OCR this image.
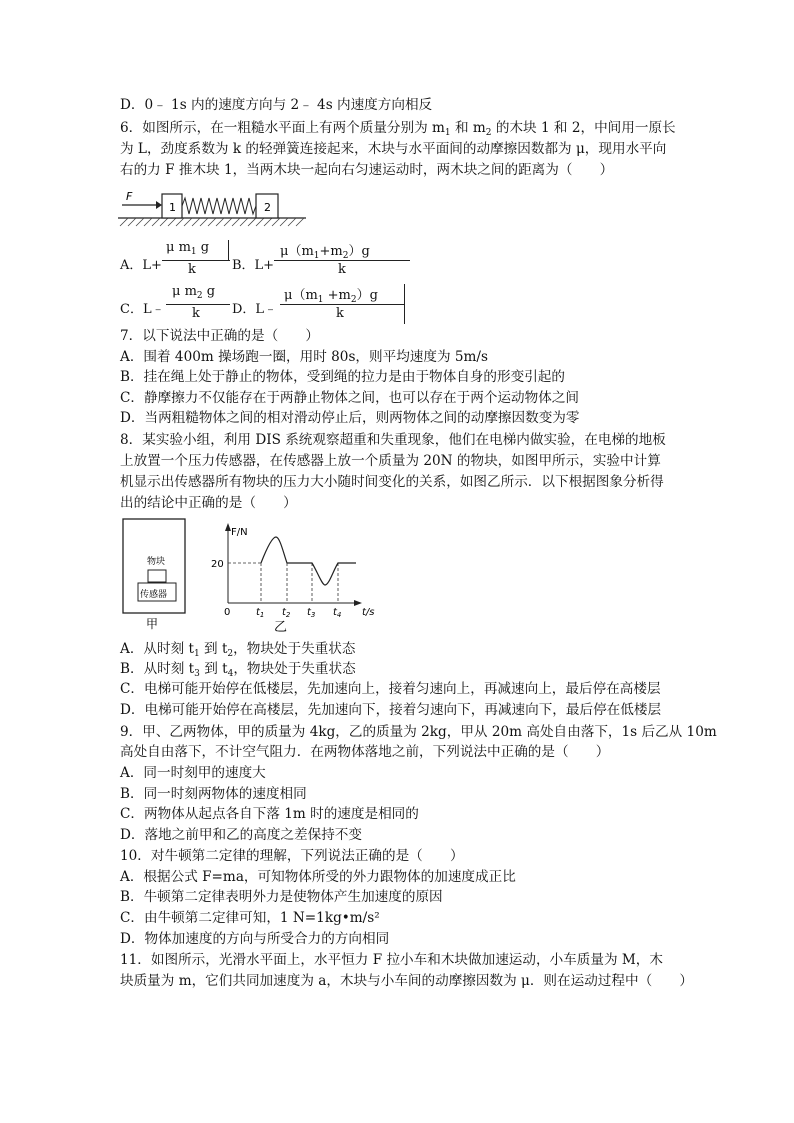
D．0﹣ 1s 内的速度方向与 2﹣ 4s 内速度方向相反
6．如图所示，在一粗糙水平面上有两个质量分别为 $m_1$ 和 $m_2$ 的木块 1 和 2，中间用一原长
为 L，劲度系数为 k 的轻弹簧连接起来，木块与水平面间的动摩擦因数都为 μ，现用水平向
右的力 F 推木块 1，当两木块一起向右匀速运动时，两木块之间的距离为（　　）
F
1	2
A．L+
μ $m_1$ g
k	B．L+
$\mu(m_1+m_2)g$
k
C．L﹣
μ $m_2$ g
k D．L﹣
$\mu(m_1 +m_2)g$
k
7．以下说法中正确的是（　　）
A．围着 400m 操场跑一圈，用时 80s，则平均速度为 5m/s
B．挂在绳上处于静止的物体，受到绳的拉力是由于物体自身的形变引起的
C．静摩擦力不仅能存在于两静止物体之间，也可以存在于两个运动物体之间
D．当两粗糙物体之间的相对滑动停止后，则两物体之间的动摩擦因数变为零
8．某实验小组，利用 DIS 系统观察超重和失重现象，他们在电梯内做实验，在电梯的地板
上放置一个压力传感器，在传感器上放一个质量为 20N 的物块，如图甲所示，实验中计算
机显示出传感器所有物块的压力大小随时间变化的关系，如图乙所示．以下根据图象分析得
出的结论中正确的是（　　）
物块
传感器
甲
F/N
20
0	t/s
$t_1$ $t_2$ $t_3$ $t_4$
乙
A．从时刻 $t_1$ 到 $t_2$，物块处于失重状态
B．从时刻 $t_3$ 到 $t_4$，物块处于失重状态
C．电梯可能开始停在低楼层，先加速向上，接着匀速向上，再减速向上，最后停在高楼层
D．电梯可能开始停在高楼层，先加速向下，接着匀速向下，再减速向下，最后停在低楼层
9．甲、乙两物体，甲的质量为 4kg，乙的质量为 2kg，甲从 20m 高处自由落下，1s 后乙从 10m
高处自由落下，不计空气阻力．在两物体落地之前，下列说法中正确的是（　　）
A．同一时刻甲的速度大
B．同一时刻两物体的速度相同
C．两物体从起点各自下落 1m 时的速度是相同的
D．落地之前甲和乙的高度之差保持不变
10．对牛顿第二定律的理解，下列说法正确的是（　　）
A．根据公式 F=ma，可知物体所受的外力跟物体的加速度成正比
B．牛顿第二定律表明外力是使物体产生加速度的原因
C．由牛顿第二定律可知，1 N=1kg•m/s²
D．物体加速度的方向与所受合力的方向相同
11．如图所示，光滑水平面上，水平恒力 F 拉小车和木块做加速运动，小车质量为 M，木
块质量为 m，它们共同加速度为 a，木块与小车间的动摩擦因数为 μ．则在运动过程中（　　）
